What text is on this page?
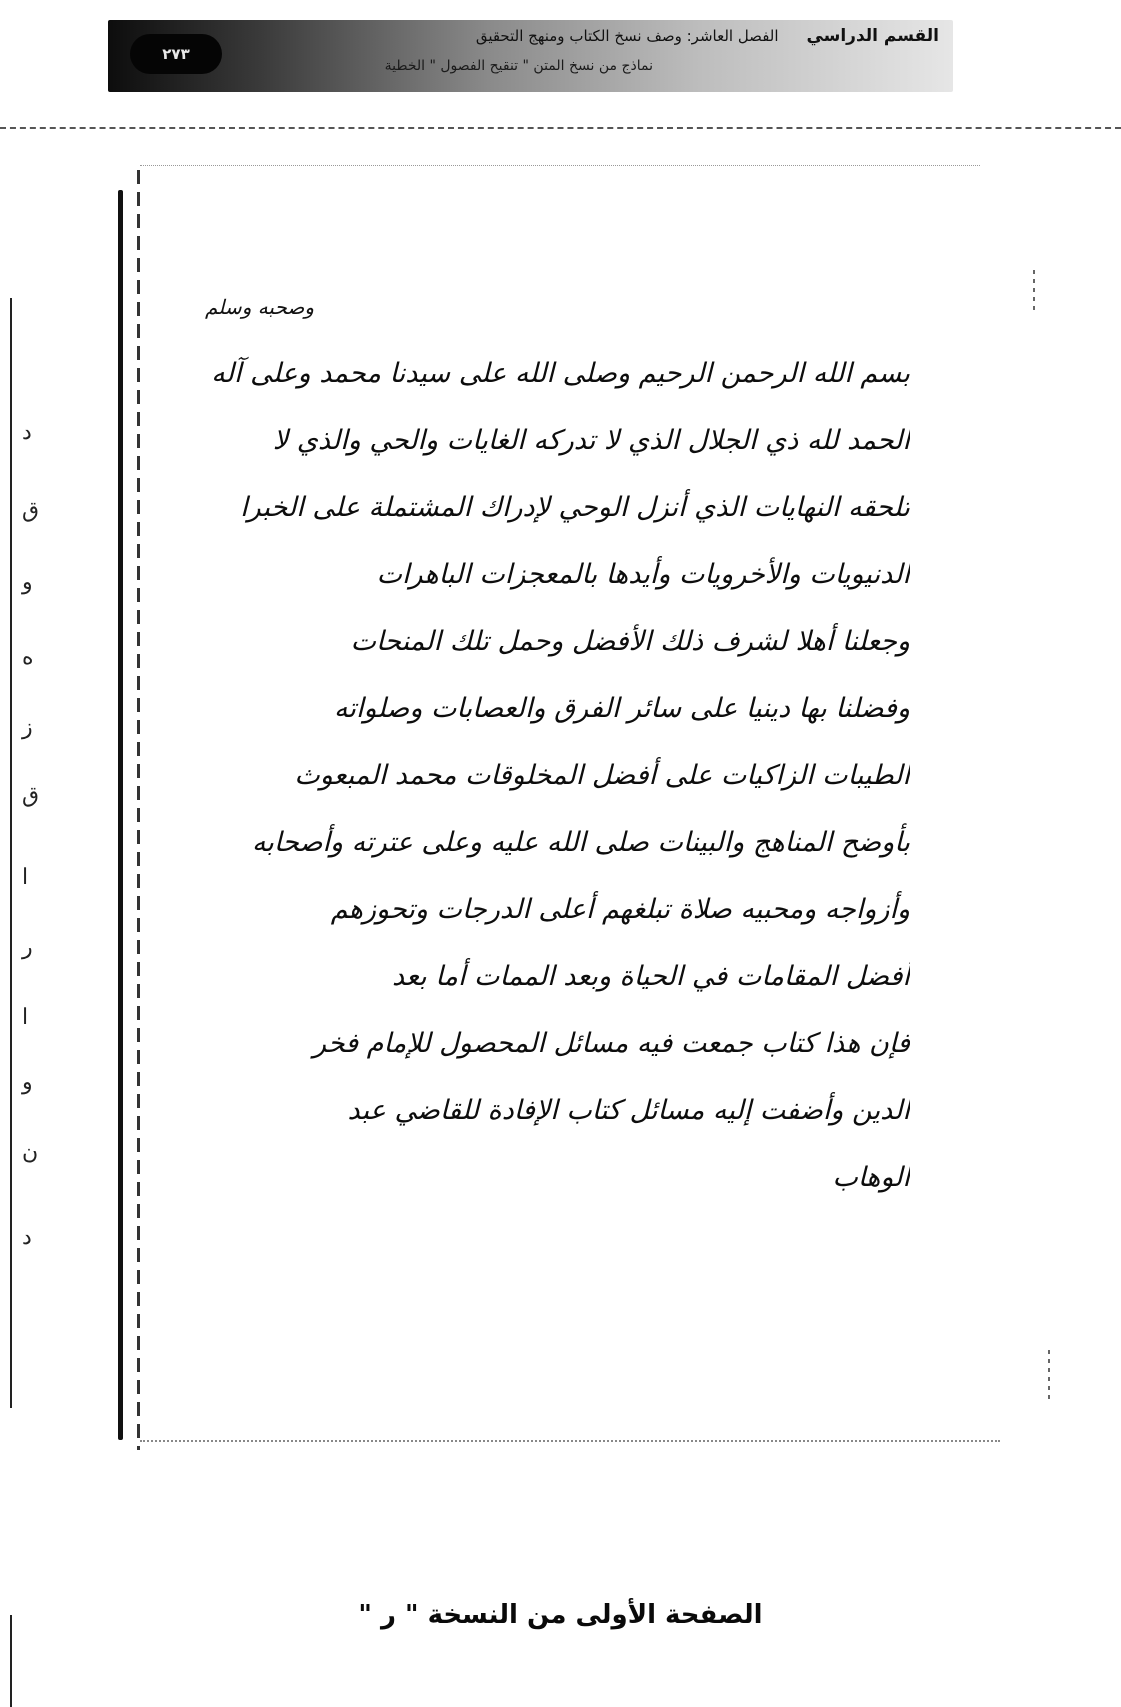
٢٧٣
القسم الدراسي الفصل العاشر: وصف نسخ الكتاب ومنهج التحقيق
نماذج من نسخ المتن " تنقيح الفصول " الخطية
د
ق
و
ه
ز
ق
ا
ر
ا
و
ن
د
وصحبه وسلم
بسم الله الرحمن الرحيم وصلى الله على سيدنا محمد وعلى آله
الحمد لله ذي الجلال الذي لا تدركه الغايات والحي والذي لا
تلحقه النهايات الذي أنزل الوحي لإدراك المشتملة على الخبرا
الدنيويات والأخرويات وأيدها بالمعجزات الباهرات
وجعلنا أهلا لشرف ذلك الأفضل وحمل تلك المنحات
وفضلنا بها دينيا على سائر الفرق والعصابات وصلواته
الطيبات الزاكيات على أفضل المخلوقات محمد المبعوث
بأوضح المناهج والبينات صلى الله عليه وعلى عترته وأصحابه
وأزواجه ومحبيه صلاة تبلغهم أعلى الدرجات وتحوزهم
أفضل المقامات في الحياة وبعد الممات أما بعد
فإن هذا كتاب جمعت فيه مسائل المحصول للإمام فخر
الدين وأضفت إليه مسائل كتاب الإفادة للقاضي عبد
الوهاب
الصفحة الأولى من النسخة " ر "
